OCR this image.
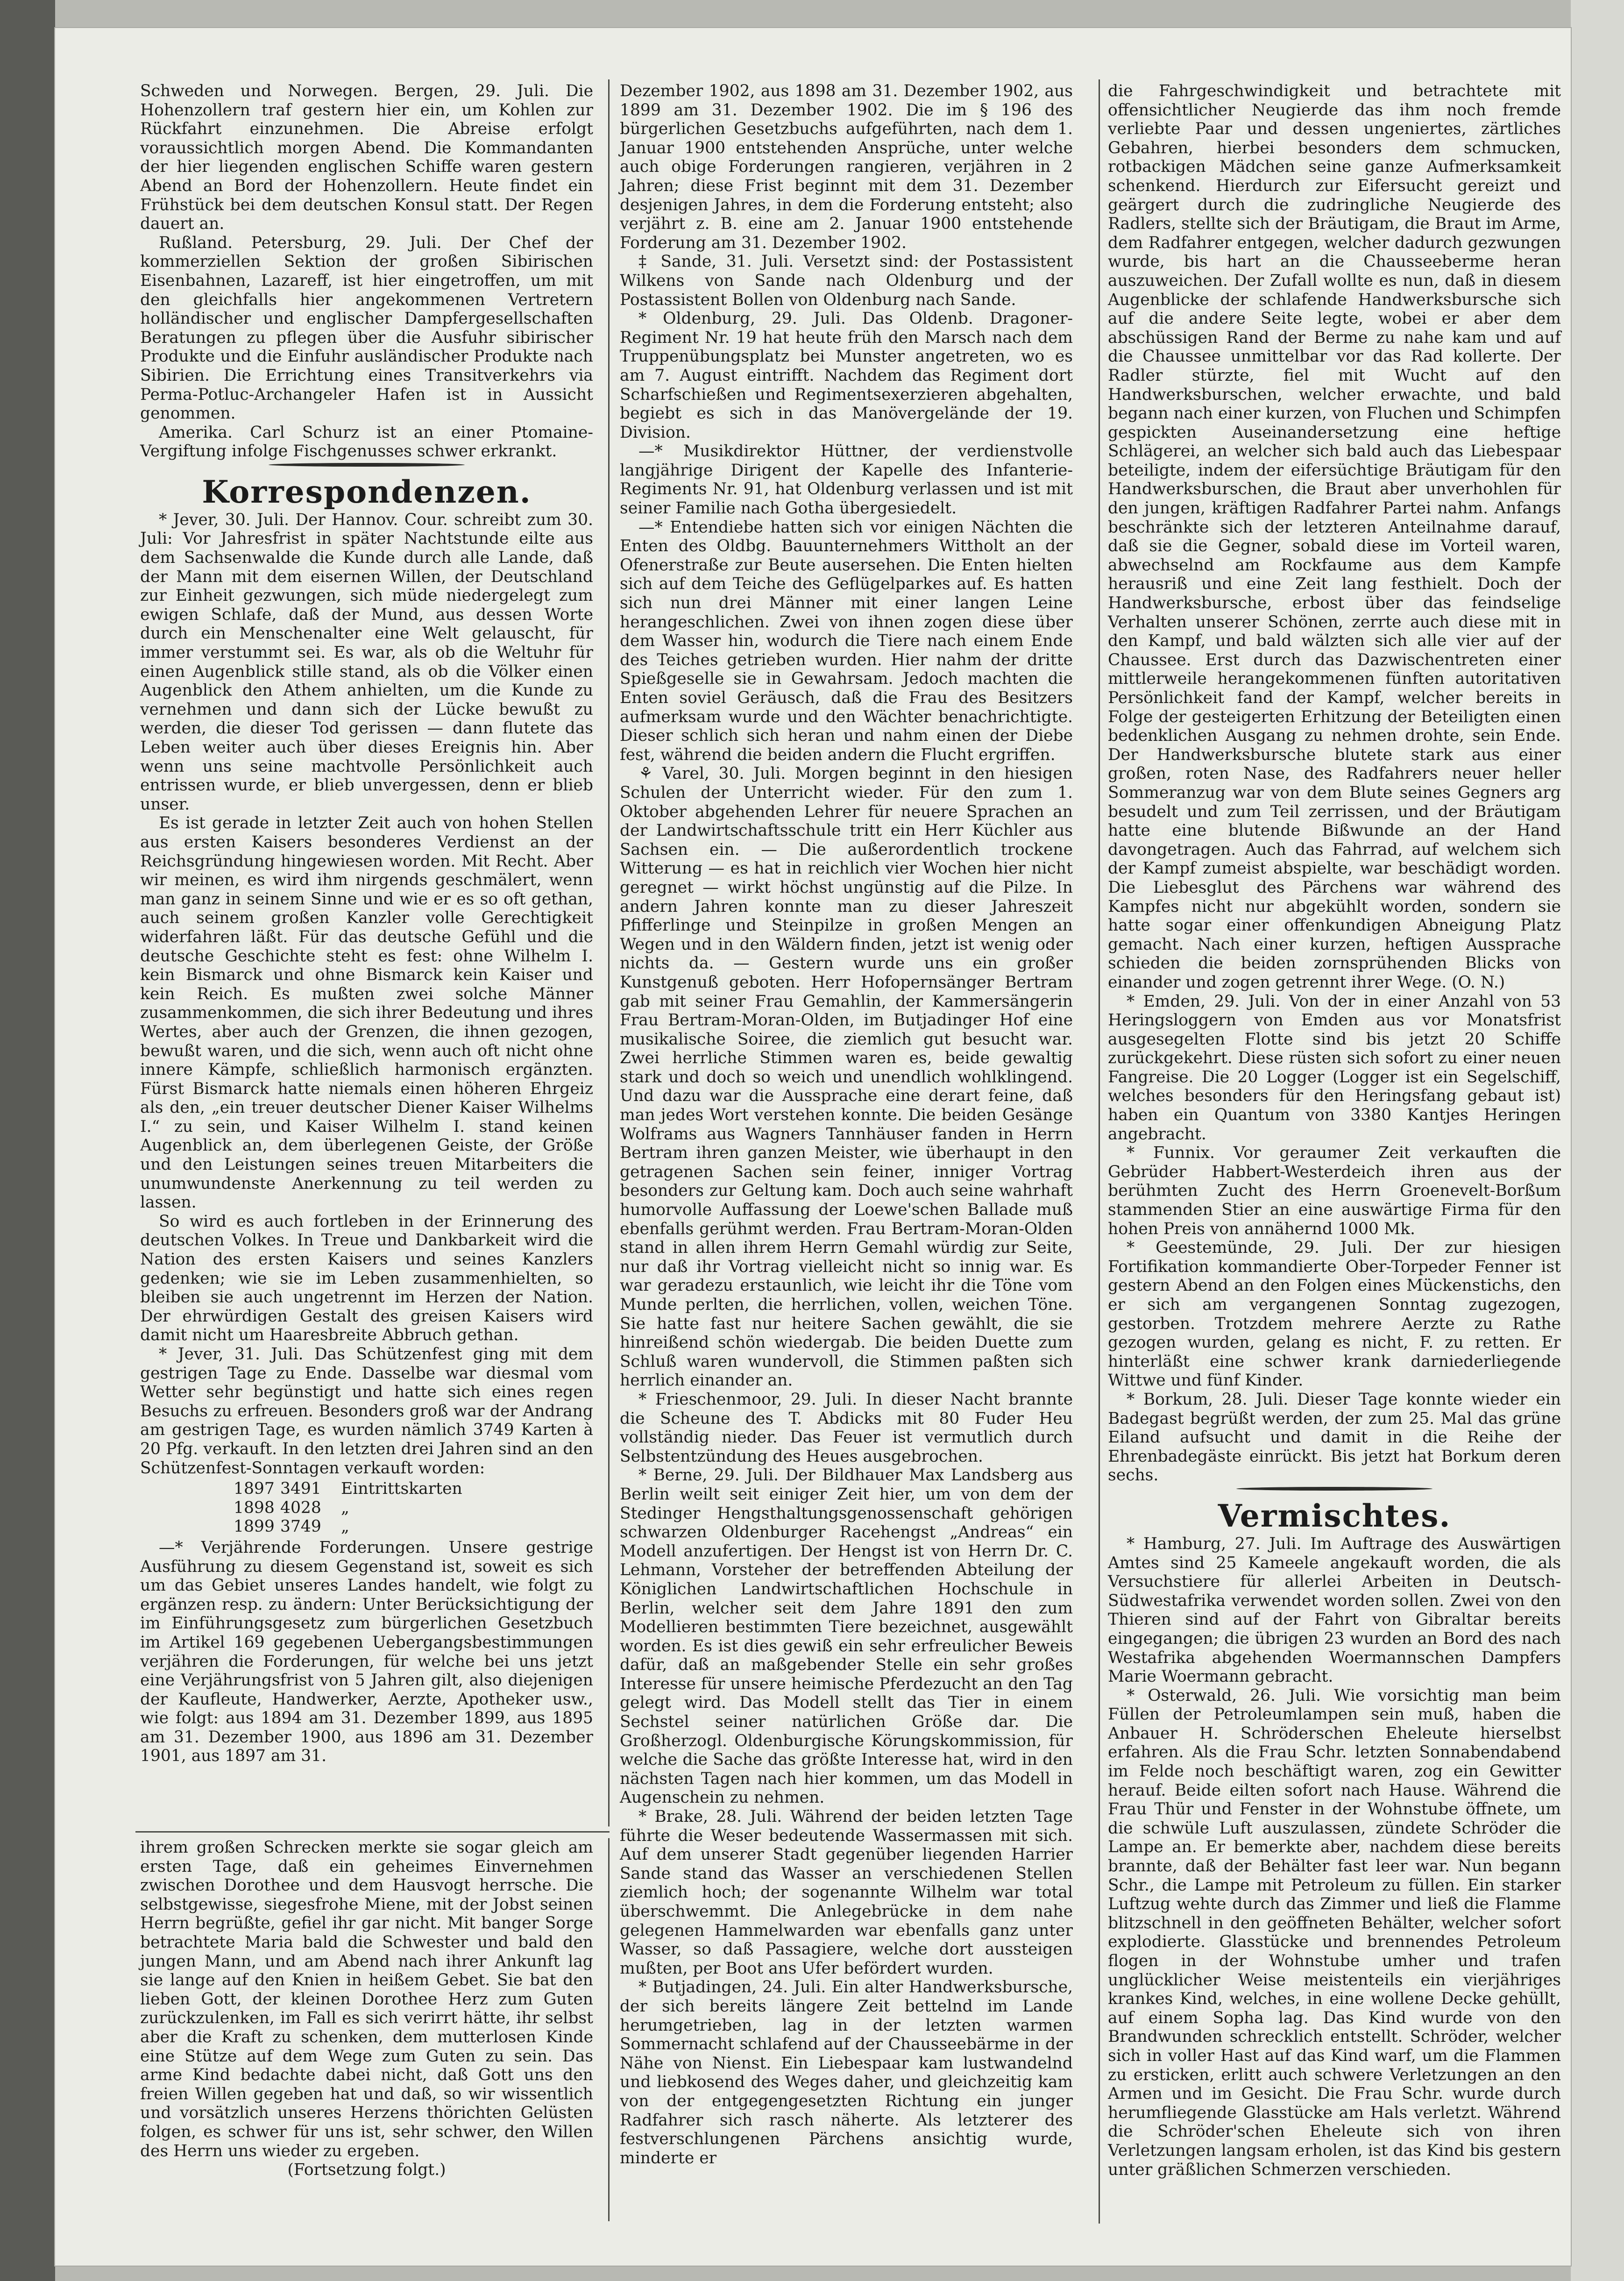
Schweden und Norwegen. Bergen, 29. Juli. Die Hohenzollern traf gestern hier ein, um Kohlen zur Rückfahrt einzunehmen. Die Abreise erfolgt voraussichtlich morgen Abend. Die Kommandanten der hier liegenden englischen Schiffe waren gestern Abend an Bord der Hohenzollern. Heute findet ein Frühstück bei dem deutschen Konsul statt. Der Regen dauert an.

Rußland. Petersburg, 29. Juli. Der Chef der kommerziellen Sektion der großen Sibirischen Eisenbahnen, Lazareff, ist hier eingetroffen, um mit den gleichfalls hier angekommenen Vertretern holländischer und englischer Dampfergesellschaften Beratungen zu pflegen über die Ausfuhr sibirischer Produkte und die Einfuhr ausländischer Produkte nach Sibirien. Die Errichtung eines Transitverkehrs via Perma-Potluc-Archangeler Hafen ist in Aussicht genommen.

Amerika. Carl Schurz ist an einer Ptomaine-Vergiftung infolge Fischgenusses schwer erkrankt.

Korrespondenzen.

* Jever, 30. Juli. Der Hannov. Cour. schreibt zum 30. Juli: Vor Jahresfrist in später Nachtstunde eilte aus dem Sachsenwalde die Kunde durch alle Lande, daß der Mann mit dem eisernen Willen, der Deutschland zur Einheit gezwungen, sich müde niedergelegt zum ewigen Schlafe, daß der Mund, aus dessen Worte durch ein Menschenalter eine Welt gelauscht, für immer verstummt sei. Es war, als ob die Weltuhr für einen Augenblick stille stand, als ob die Völker einen Augenblick den Athem anhielten, um die Kunde zu vernehmen und dann sich der Lücke bewußt zu werden, die dieser Tod gerissen — dann flutete das Leben weiter auch über dieses Ereignis hin. Aber wenn uns seine machtvolle Persönlichkeit auch entrissen wurde, er blieb unvergessen, denn er blieb unser.

Es ist gerade in letzter Zeit auch von hohen Stellen aus ersten Kaisers besonderes Verdienst an der Reichsgründung hingewiesen worden. Mit Recht. Aber wir meinen, es wird ihm nirgends geschmälert, wenn man ganz in seinem Sinne und wie er es so oft gethan, auch seinem großen Kanzler volle Gerechtigkeit widerfahren läßt. Für das deutsche Gefühl und die deutsche Geschichte steht es fest: ohne Wilhelm I. kein Bismarck und ohne Bismarck kein Kaiser und kein Reich. Es mußten zwei solche Männer zusammenkommen, die sich ihrer Bedeutung und ihres Wertes, aber auch der Grenzen, die ihnen gezogen, bewußt waren, und die sich, wenn auch oft nicht ohne innere Kämpfe, schließlich harmonisch ergänzten. Fürst Bismarck hatte niemals einen höheren Ehrgeiz als den, „ein treuer deutscher Diener Kaiser Wilhelms I.“ zu sein, und Kaiser Wilhelm I. stand keinen Augenblick an, dem überlegenen Geiste, der Größe und den Leistungen seines treuen Mitarbeiters die unumwundenste Anerkennung zu teil werden zu lassen.

So wird es auch fortleben in der Erinnerung des deutschen Volkes. In Treue und Dankbarkeit wird die Nation des ersten Kaisers und seines Kanzlers gedenken; wie sie im Leben zusammenhielten, so bleiben sie auch ungetrennt im Herzen der Nation. Der ehrwürdigen Gestalt des greisen Kaisers wird damit nicht um Haaresbreite Abbruch gethan.

* Jever, 31. Juli. Das Schützenfest ging mit dem gestrigen Tage zu Ende. Dasselbe war diesmal vom Wetter sehr begünstigt und hatte sich eines regen Besuchs zu erfreuen. Besonders groß war der Andrang am gestrigen Tage, es wurden nämlich 3749 Karten à 20 Pfg. verkauft. In den letzten drei Jahren sind an den Schützenfest-Sonntagen verkauft worden:

1897 3491	Eintrittskarten
1898 4028	„
1899 3749	„

—* Verjährende Forderungen. Unsere gestrige Ausführung zu diesem Gegenstand ist, soweit es sich um das Gebiet unseres Landes handelt, wie folgt zu ergänzen resp. zu ändern: Unter Berücksichtigung der im Einführungsgesetz zum bürgerlichen Gesetzbuch im Artikel 169 gegebenen Uebergangsbestimmungen verjähren die Forderungen, für welche bei uns jetzt eine Verjährungsfrist von 5 Jahren gilt, also diejenigen der Kaufleute, Handwerker, Aerzte, Apotheker usw., wie folgt: aus 1894 am 31. Dezember 1899, aus 1895 am 31. Dezember 1900, aus 1896 am 31. Dezember 1901, aus 1897 am 31.

ihrem großen Schrecken merkte sie sogar gleich am ersten Tage, daß ein geheimes Einvernehmen zwischen Dorothee und dem Hausvogt herrsche. Die selbstgewisse, siegesfrohe Miene, mit der Jobst seinen Herrn begrüßte, gefiel ihr gar nicht. Mit banger Sorge betrachtete Maria bald die Schwester und bald den jungen Mann, und am Abend nach ihrer Ankunft lag sie lange auf den Knien in heißem Gebet. Sie bat den lieben Gott, der kleinen Dorothee Herz zum Guten zurückzulenken, im Fall es sich verirrt hätte, ihr selbst aber die Kraft zu schenken, dem mutterlosen Kinde eine Stütze auf dem Wege zum Guten zu sein. Das arme Kind bedachte dabei nicht, daß Gott uns den freien Willen gegeben hat und daß, so wir wissentlich und vorsätzlich unseres Herzens thörichten Gelüsten folgen, es schwer für uns ist, sehr schwer, den Willen des Herrn uns wieder zu ergeben.

(Fortsetzung folgt.)

Dezember 1902, aus 1898 am 31. Dezember 1902, aus 1899 am 31. Dezember 1902. Die im § 196 des bürgerlichen Gesetzbuchs aufgeführten, nach dem 1. Januar 1900 entstehenden Ansprüche, unter welche auch obige Forderungen rangieren, verjähren in 2 Jahren; diese Frist beginnt mit dem 31. Dezember desjenigen Jahres, in dem die Forderung entsteht; also verjährt z. B. eine am 2. Januar 1900 entstehende Forderung am 31. Dezember 1902.

‡ Sande, 31. Juli. Versetzt sind: der Postassistent Wilkens von Sande nach Oldenburg und der Postassistent Bollen von Oldenburg nach Sande.

* Oldenburg, 29. Juli. Das Oldenb. Dragoner-Regiment Nr. 19 hat heute früh den Marsch nach dem Truppenübungsplatz bei Munster angetreten, wo es am 7. August eintrifft. Nachdem das Regiment dort Scharfschießen und Regimentsexerzieren abgehalten, begiebt es sich in das Manövergelände der 19. Division.

—* Musikdirektor Hüttner, der verdienstvolle langjährige Dirigent der Kapelle des Infanterie-Regiments Nr. 91, hat Oldenburg verlassen und ist mit seiner Familie nach Gotha übergesiedelt.

—* Entendiebe hatten sich vor einigen Nächten die Enten des Oldbg. Bauunternehmers Wittholt an der Ofenerstraße zur Beute ausersehen. Die Enten hielten sich auf dem Teiche des Geflügelparkes auf. Es hatten sich nun drei Männer mit einer langen Leine herangeschlichen. Zwei von ihnen zogen diese über dem Wasser hin, wodurch die Tiere nach einem Ende des Teiches getrieben wurden. Hier nahm der dritte Spießgeselle sie in Gewahrsam. Jedoch machten die Enten soviel Geräusch, daß die Frau des Besitzers aufmerksam wurde und den Wächter benachrichtigte. Dieser schlich sich heran und nahm einen der Diebe fest, während die beiden andern die Flucht ergriffen.

⚘ Varel, 30. Juli. Morgen beginnt in den hiesigen Schulen der Unterricht wieder. Für den zum 1. Oktober abgehenden Lehrer für neuere Sprachen an der Landwirtschaftsschule tritt ein Herr Küchler aus Sachsen ein. — Die außerordentlich trockene Witterung — es hat in reichlich vier Wochen hier nicht geregnet — wirkt höchst ungünstig auf die Pilze. In andern Jahren konnte man zu dieser Jahreszeit Pfifferlinge und Steinpilze in großen Mengen an Wegen und in den Wäldern finden, jetzt ist wenig oder nichts da. — Gestern wurde uns ein großer Kunstgenuß geboten. Herr Hofopernsänger Bertram gab mit seiner Frau Gemahlin, der Kammersängerin Frau Bertram-Moran-Olden, im Butjadinger Hof eine musikalische Soiree, die ziemlich gut besucht war. Zwei herrliche Stimmen waren es, beide gewaltig stark und doch so weich und unendlich wohlklingend. Und dazu war die Aussprache eine derart feine, daß man jedes Wort verstehen konnte. Die beiden Gesänge Wolframs aus Wagners Tannhäuser fanden in Herrn Bertram ihren ganzen Meister, wie überhaupt in den getragenen Sachen sein feiner, inniger Vortrag besonders zur Geltung kam. Doch auch seine wahrhaft humorvolle Auffassung der Loewe'schen Ballade muß ebenfalls gerühmt werden. Frau Bertram-Moran-Olden stand in allen ihrem Herrn Gemahl würdig zur Seite, nur daß ihr Vortrag vielleicht nicht so innig war. Es war geradezu erstaunlich, wie leicht ihr die Töne vom Munde perlten, die herrlichen, vollen, weichen Töne. Sie hatte fast nur heitere Sachen gewählt, die sie hinreißend schön wiedergab. Die beiden Duette zum Schluß waren wundervoll, die Stimmen paßten sich herrlich einander an.

* Frieschenmoor, 29. Juli. In dieser Nacht brannte die Scheune des T. Abdicks mit 80 Fuder Heu vollständig nieder. Das Feuer ist vermutlich durch Selbstentzündung des Heues ausgebrochen.

* Berne, 29. Juli. Der Bildhauer Max Landsberg aus Berlin weilt seit einiger Zeit hier, um von dem der Stedinger Hengsthaltungsgenossenschaft gehörigen schwarzen Oldenburger Racehengst „Andreas“ ein Modell anzufertigen. Der Hengst ist von Herrn Dr. C. Lehmann, Vorsteher der betreffenden Abteilung der Königlichen Landwirtschaftlichen Hochschule in Berlin, welcher seit dem Jahre 1891 den zum Modellieren bestimmten Tiere bezeichnet, ausgewählt worden. Es ist dies gewiß ein sehr erfreulicher Beweis dafür, daß an maßgebender Stelle ein sehr großes Interesse für unsere heimische Pferdezucht an den Tag gelegt wird. Das Modell stellt das Tier in einem Sechstel seiner natürlichen Größe dar. Die Großherzogl. Oldenburgische Körungskommission, für welche die Sache das größte Interesse hat, wird in den nächsten Tagen nach hier kommen, um das Modell in Augenschein zu nehmen.

* Brake, 28. Juli. Während der beiden letzten Tage führte die Weser bedeutende Wassermassen mit sich. Auf dem unserer Stadt gegenüber liegenden Harrier Sande stand das Wasser an verschiedenen Stellen ziemlich hoch; der sogenannte Wilhelm war total überschwemmt. Die Anlegebrücke in dem nahe gelegenen Hammelwarden war ebenfalls ganz unter Wasser, so daß Passagiere, welche dort aussteigen mußten, per Boot ans Ufer befördert wurden.

* Butjadingen, 24. Juli. Ein alter Handwerksbursche, der sich bereits längere Zeit bettelnd im Lande herumgetrieben, lag in der letzten warmen Sommernacht schlafend auf der Chausseebärme in der Nähe von Nienst. Ein Liebespaar kam lustwandelnd und liebkosend des Weges daher, und gleichzeitig kam von der entgegengesetzten Richtung ein junger Radfahrer sich rasch näherte. Als letzterer des festverschlungenen Pärchens ansichtig wurde, minderte er

die Fahrgeschwindigkeit und betrachtete mit offensichtlicher Neugierde das ihm noch fremde verliebte Paar und dessen ungeniertes, zärtliches Gebahren, hierbei besonders dem schmucken, rotbackigen Mädchen seine ganze Aufmerksamkeit schenkend. Hierdurch zur Eifersucht gereizt und geärgert durch die zudringliche Neugierde des Radlers, stellte sich der Bräutigam, die Braut im Arme, dem Radfahrer entgegen, welcher dadurch gezwungen wurde, bis hart an die Chausseeberme heran auszuweichen. Der Zufall wollte es nun, daß in diesem Augenblicke der schlafende Handwerksbursche sich auf die andere Seite legte, wobei er aber dem abschüssigen Rand der Berme zu nahe kam und auf die Chaussee unmittelbar vor das Rad kollerte. Der Radler stürzte, fiel mit Wucht auf den Handwerksburschen, welcher erwachte, und bald begann nach einer kurzen, von Fluchen und Schimpfen gespickten Auseinandersetzung eine heftige Schlägerei, an welcher sich bald auch das Liebespaar beteiligte, indem der eifersüchtige Bräutigam für den Handwerksburschen, die Braut aber unverhohlen für den jungen, kräftigen Radfahrer Partei nahm. Anfangs beschränkte sich der letzteren Anteilnahme darauf, daß sie die Gegner, sobald diese im Vorteil waren, abwechselnd am Rockfaume aus dem Kampfe herausriß und eine Zeit lang festhielt. Doch der Handwerksbursche, erbost über das feindselige Verhalten unserer Schönen, zerrte auch diese mit in den Kampf, und bald wälzten sich alle vier auf der Chaussee. Erst durch das Dazwischentreten einer mittlerweile herangekommenen fünften autoritativen Persönlichkeit fand der Kampf, welcher bereits in Folge der gesteigerten Erhitzung der Beteiligten einen bedenklichen Ausgang zu nehmen drohte, sein Ende. Der Handwerksbursche blutete stark aus einer großen, roten Nase, des Radfahrers neuer heller Sommeranzug war von dem Blute seines Gegners arg besudelt und zum Teil zerrissen, und der Bräutigam hatte eine blutende Bißwunde an der Hand davongetragen. Auch das Fahrrad, auf welchem sich der Kampf zumeist abspielte, war beschädigt worden. Die Liebesglut des Pärchens war während des Kampfes nicht nur abgekühlt worden, sondern sie hatte sogar einer offenkundigen Abneigung Platz gemacht. Nach einer kurzen, heftigen Aussprache schieden die beiden zornsprühenden Blicks von einander und zogen getrennt ihrer Wege. (O. N.)

* Emden, 29. Juli. Von der in einer Anzahl von 53 Heringsloggern von Emden aus vor Monatsfrist ausgesegelten Flotte sind bis jetzt 20 Schiffe zurückgekehrt. Diese rüsten sich sofort zu einer neuen Fangreise. Die 20 Logger (Logger ist ein Segelschiff, welches besonders für den Heringsfang gebaut ist) haben ein Quantum von 3380 Kantjes Heringen angebracht.

* Funnix. Vor geraumer Zeit verkauften die Gebrüder Habbert-Westerdeich ihren aus der berühmten Zucht des Herrn Groenevelt-Borßum stammenden Stier an eine auswärtige Firma für den hohen Preis von annähernd 1000 Mk.

* Geestemünde, 29. Juli. Der zur hiesigen Fortifikation kommandierte Ober-Torpeder Fenner ist gestern Abend an den Folgen eines Mückenstichs, den er sich am vergangenen Sonntag zugezogen, gestorben. Trotzdem mehrere Aerzte zu Rathe gezogen wurden, gelang es nicht, F. zu retten. Er hinterläßt eine schwer krank darniederliegende Wittwe und fünf Kinder.

* Borkum, 28. Juli. Dieser Tage konnte wieder ein Badegast begrüßt werden, der zum 25. Mal das grüne Eiland aufsucht und damit in die Reihe der Ehrenbadegäste einrückt. Bis jetzt hat Borkum deren sechs.

Vermischtes.

* Hamburg, 27. Juli. Im Auftrage des Auswärtigen Amtes sind 25 Kameele angekauft worden, die als Versuchstiere für allerlei Arbeiten in Deutsch-Südwestafrika verwendet worden sollen. Zwei von den Thieren sind auf der Fahrt von Gibraltar bereits eingegangen; die übrigen 23 wurden an Bord des nach Westafrika abgehenden Woermannschen Dampfers Marie Woermann gebracht.

* Osterwald, 26. Juli. Wie vorsichtig man beim Füllen der Petroleumlampen sein muß, haben die Anbauer H. Schröderschen Eheleute hierselbst erfahren. Als die Frau Schr. letzten Sonnabendabend im Felde noch beschäftigt waren, zog ein Gewitter herauf. Beide eilten sofort nach Hause. Während die Frau Thür und Fenster in der Wohnstube öffnete, um die schwüle Luft auszulassen, zündete Schröder die Lampe an. Er bemerkte aber, nachdem diese bereits brannte, daß der Behälter fast leer war. Nun begann Schr., die Lampe mit Petroleum zu füllen. Ein starker Luftzug wehte durch das Zimmer und ließ die Flamme blitzschnell in den geöffneten Behälter, welcher sofort explodierte. Glasstücke und brennendes Petroleum flogen in der Wohnstube umher und trafen unglücklicher Weise meistenteils ein vierjähriges krankes Kind, welches, in eine wollene Decke gehüllt, auf einem Sopha lag. Das Kind wurde von den Brandwunden schrecklich entstellt. Schröder, welcher sich in voller Hast auf das Kind warf, um die Flammen zu ersticken, erlitt auch schwere Verletzungen an den Armen und im Gesicht. Die Frau Schr. wurde durch herumfliegende Glasstücke am Hals verletzt. Während die Schröder'schen Eheleute sich von ihren Verletzungen langsam erholen, ist das Kind bis gestern unter gräßlichen Schmerzen verschieden.
